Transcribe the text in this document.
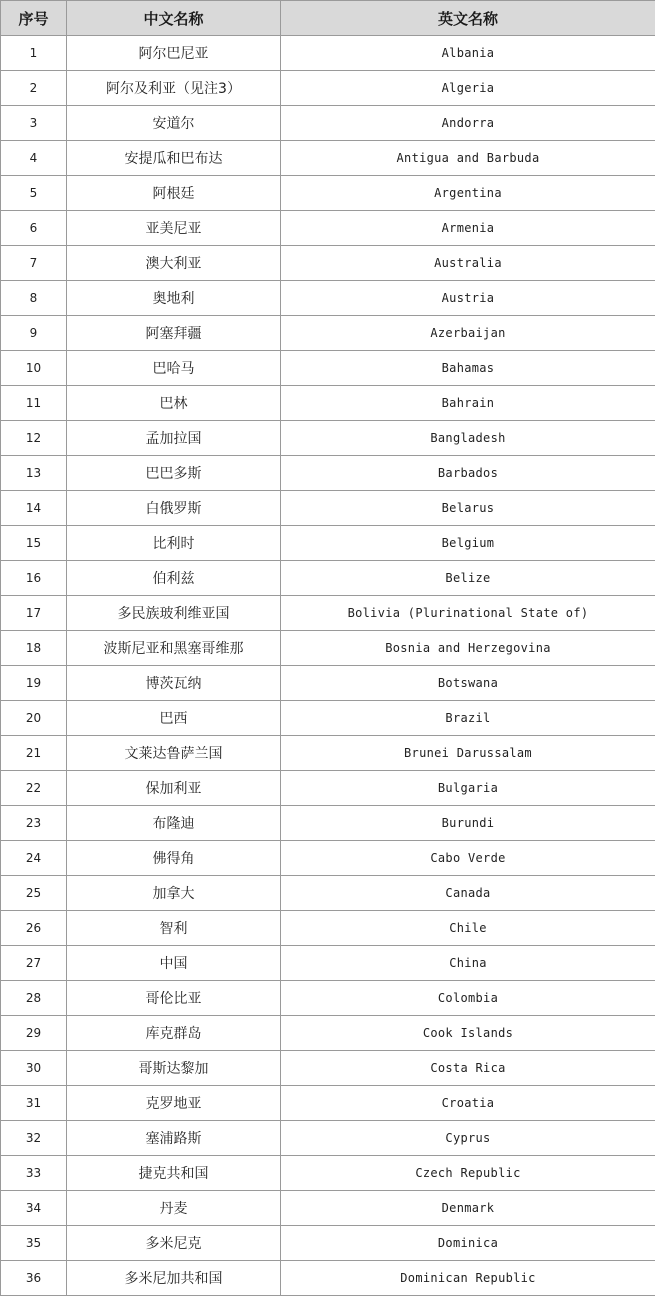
序号	中文名称	英文名称
1	阿尔巴尼亚	Albania
2	阿尔及利亚（见注3）	Algeria
3	安道尔	Andorra
4	安提瓜和巴布达	Antigua and Barbuda
5	阿根廷	Argentina
6	亚美尼亚	Armenia
7	澳大利亚	Australia
8	奥地利	Austria
9	阿塞拜疆	Azerbaijan
10	巴哈马	Bahamas
11	巴林	Bahrain
12	孟加拉国	Bangladesh
13	巴巴多斯	Barbados
14	白俄罗斯	Belarus
15	比利时	Belgium
16	伯利兹	Belize
17	多民族玻利维亚国	Bolivia (Plurinational State of)
18	波斯尼亚和黑塞哥维那	Bosnia and Herzegovina
19	博茨瓦纳	Botswana
20	巴西	Brazil
21	文莱达鲁萨兰国	Brunei Darussalam
22	保加利亚	Bulgaria
23	布隆迪	Burundi
24	佛得角	Cabo Verde
25	加拿大	Canada
26	智利	Chile
27	中国	China
28	哥伦比亚	Colombia
29	库克群岛	Cook Islands
30	哥斯达黎加	Costa Rica
31	克罗地亚	Croatia
32	塞浦路斯	Cyprus
33	捷克共和国	Czech Republic
34	丹麦	Denmark
35	多米尼克	Dominica
36	多米尼加共和国	Dominican Republic
